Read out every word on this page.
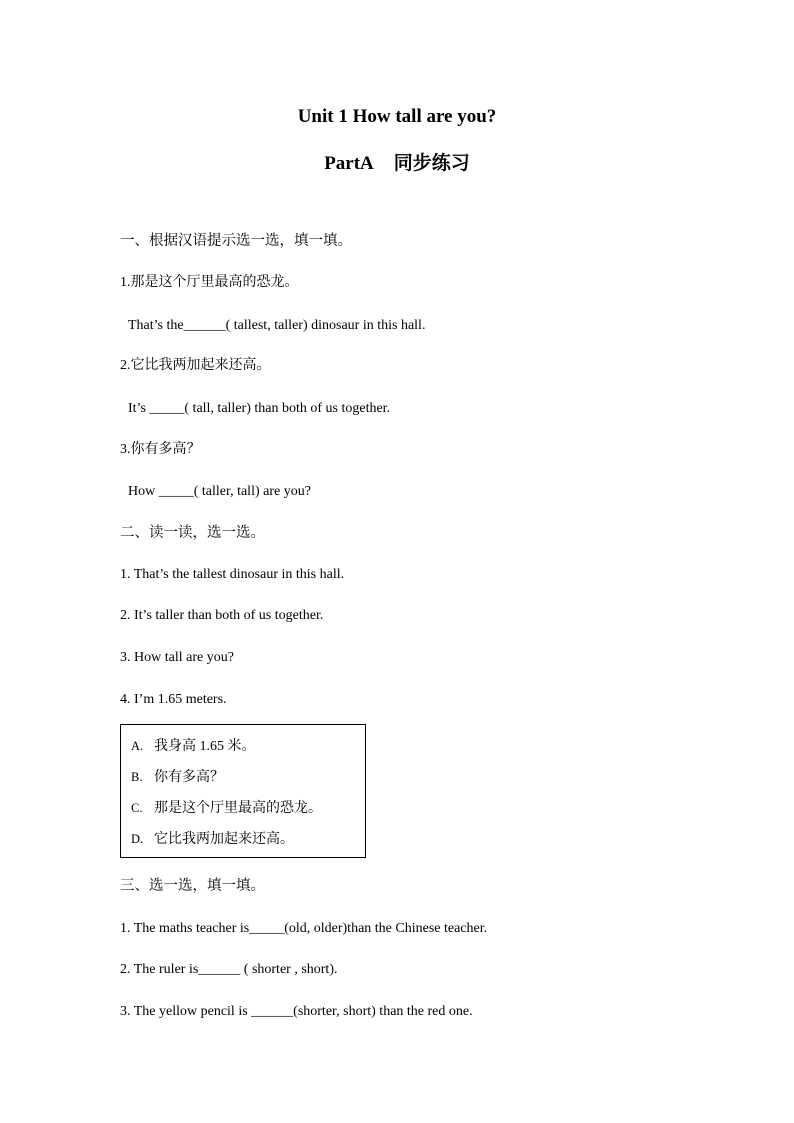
Unit 1 How tall are you?
PartA 同步练习
一、根据汉语提示选一选，填一填。
1.那是这个厅里最高的恐龙。
That’s the______( tallest, taller) dinosaur in this hall.
2.它比我两加起来还高。
It’s _____( tall, taller) than both of us together.
3.你有多高？
How _____( taller, tall) are you?
二、读一读，选一选。
1. That’s the tallest dinosaur in this hall.
2. It’s taller than both of us together.
3. How tall are you?
4. I’m 1.65 meters.
A. 我身高 1.65 米。
B. 你有多高？
C. 那是这个厅里最高的恐龙。
D. 它比我两加起来还高。
三、选一选，填一填。
1. The maths teacher is_____(old, older)than the Chinese teacher.
2. The ruler is______ ( shorter , short).
3. The yellow pencil is ______(shorter, short) than the red one.
